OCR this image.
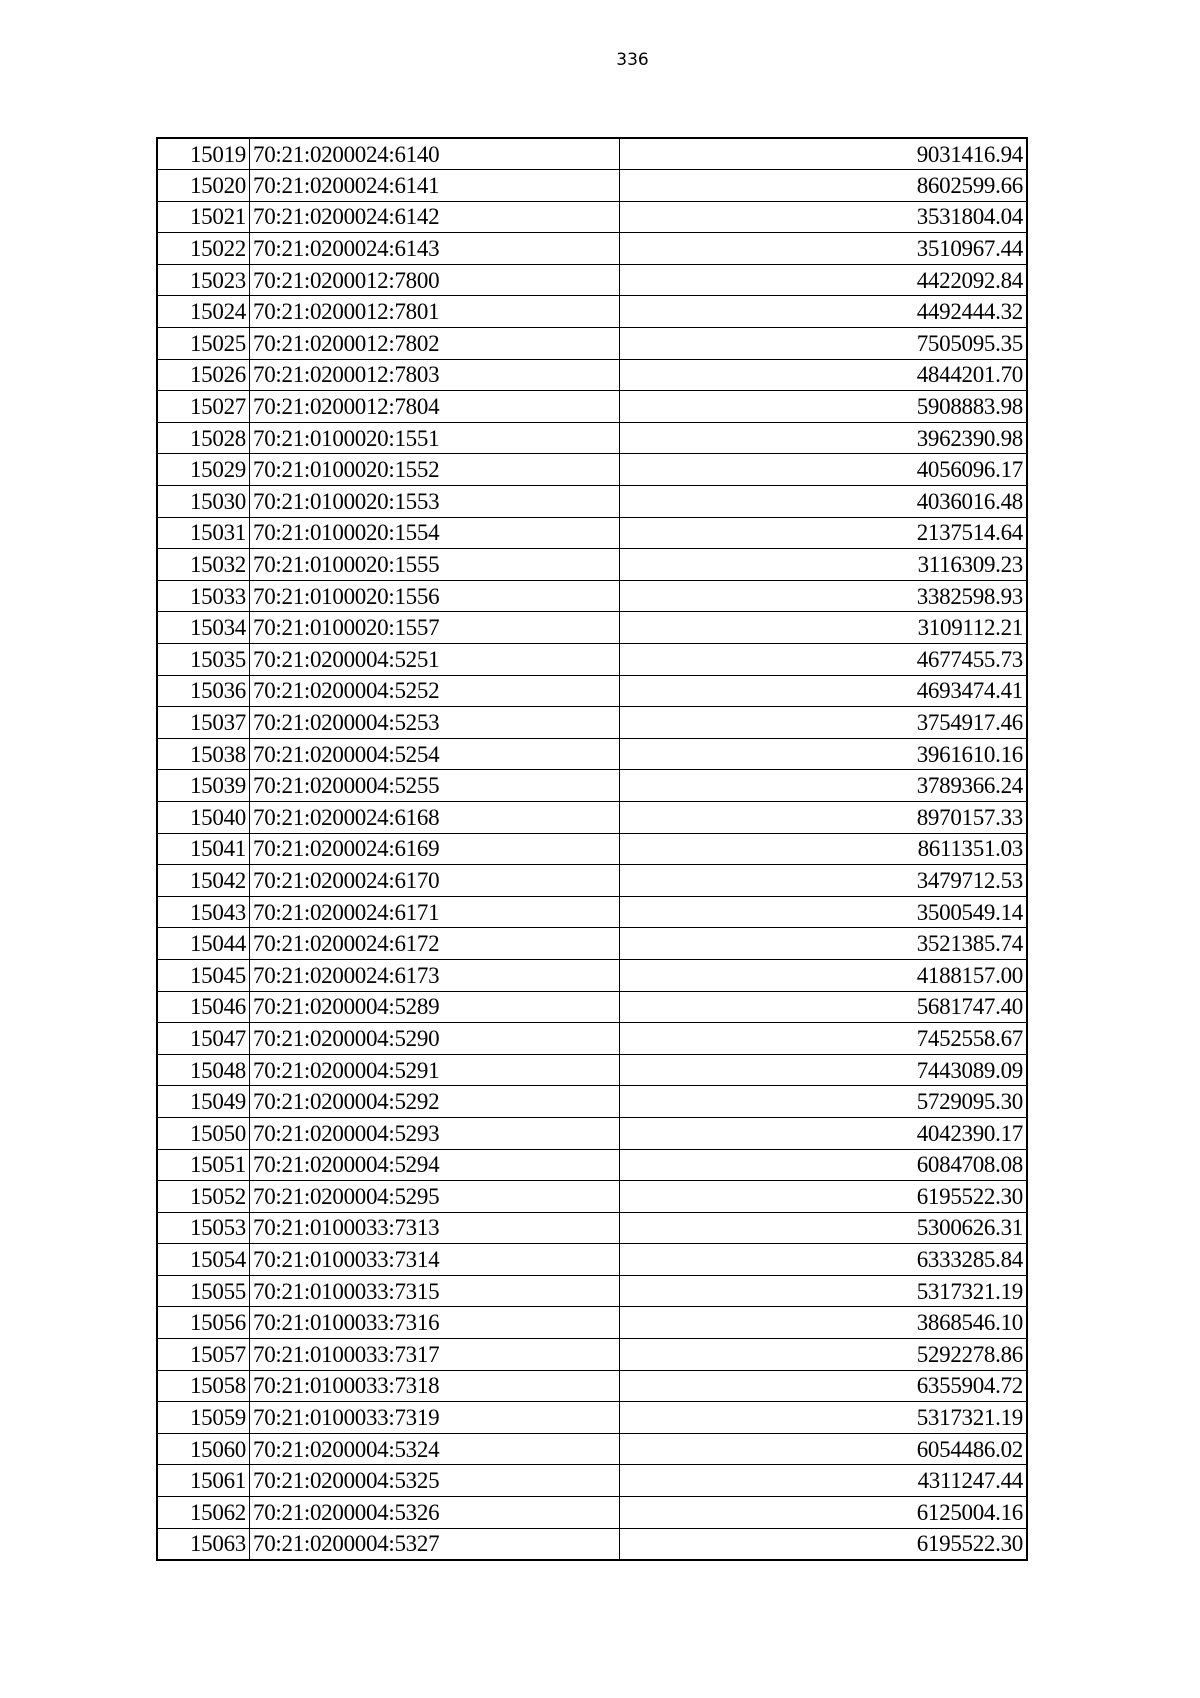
336
15019	70:21:0200024:6140	9031416.94
15020	70:21:0200024:6141	8602599.66
15021	70:21:0200024:6142	3531804.04
15022	70:21:0200024:6143	3510967.44
15023	70:21:0200012:7800	4422092.84
15024	70:21:0200012:7801	4492444.32
15025	70:21:0200012:7802	7505095.35
15026	70:21:0200012:7803	4844201.70
15027	70:21:0200012:7804	5908883.98
15028	70:21:0100020:1551	3962390.98
15029	70:21:0100020:1552	4056096.17
15030	70:21:0100020:1553	4036016.48
15031	70:21:0100020:1554	2137514.64
15032	70:21:0100020:1555	3116309.23
15033	70:21:0100020:1556	3382598.93
15034	70:21:0100020:1557	3109112.21
15035	70:21:0200004:5251	4677455.73
15036	70:21:0200004:5252	4693474.41
15037	70:21:0200004:5253	3754917.46
15038	70:21:0200004:5254	3961610.16
15039	70:21:0200004:5255	3789366.24
15040	70:21:0200024:6168	8970157.33
15041	70:21:0200024:6169	8611351.03
15042	70:21:0200024:6170	3479712.53
15043	70:21:0200024:6171	3500549.14
15044	70:21:0200024:6172	3521385.74
15045	70:21:0200024:6173	4188157.00
15046	70:21:0200004:5289	5681747.40
15047	70:21:0200004:5290	7452558.67
15048	70:21:0200004:5291	7443089.09
15049	70:21:0200004:5292	5729095.30
15050	70:21:0200004:5293	4042390.17
15051	70:21:0200004:5294	6084708.08
15052	70:21:0200004:5295	6195522.30
15053	70:21:0100033:7313	5300626.31
15054	70:21:0100033:7314	6333285.84
15055	70:21:0100033:7315	5317321.19
15056	70:21:0100033:7316	3868546.10
15057	70:21:0100033:7317	5292278.86
15058	70:21:0100033:7318	6355904.72
15059	70:21:0100033:7319	5317321.19
15060	70:21:0200004:5324	6054486.02
15061	70:21:0200004:5325	4311247.44
15062	70:21:0200004:5326	6125004.16
15063	70:21:0200004:5327	6195522.30
